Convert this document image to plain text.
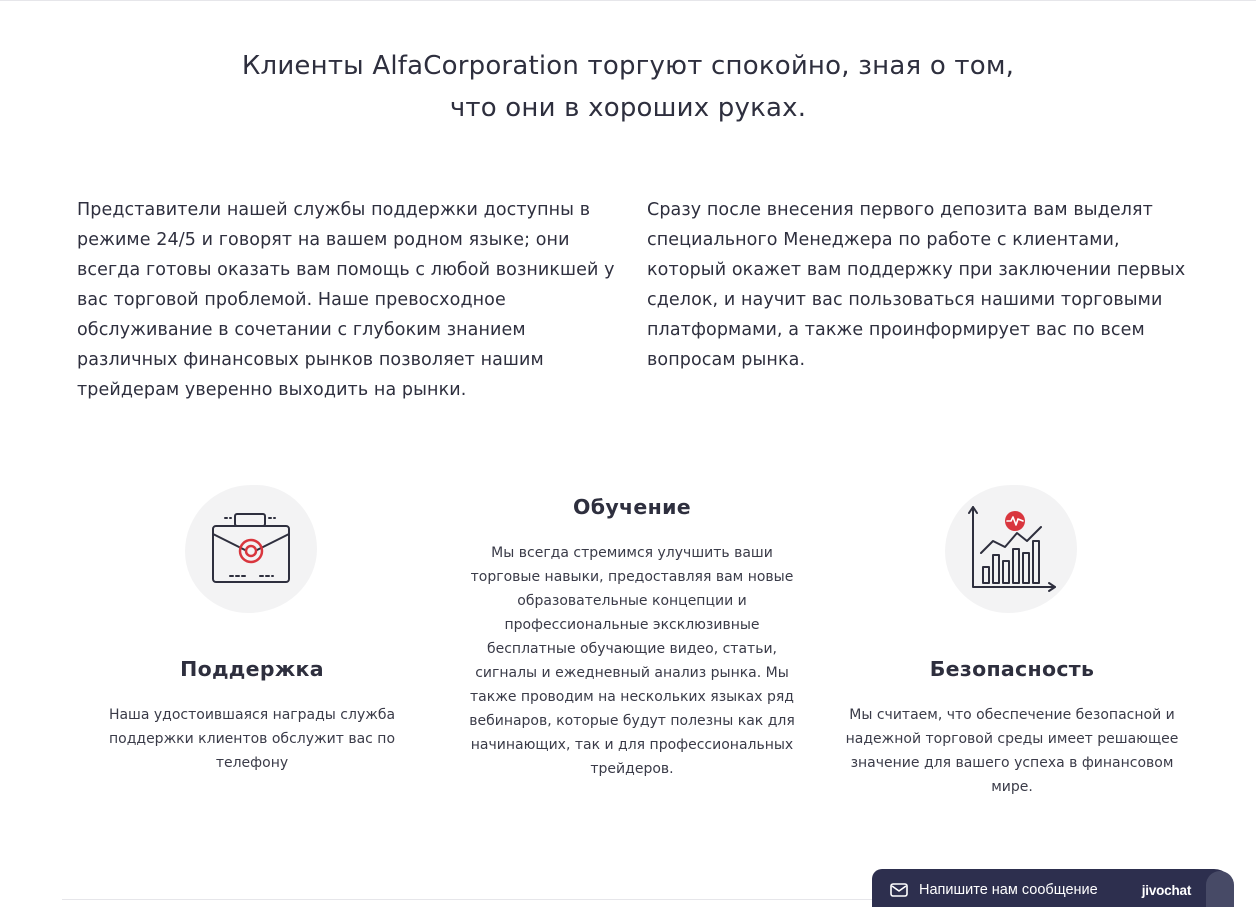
Клиенты AlfaCorporation торгуют спокойно, зная о том,
что они в хороших руках.

Представители нашей службы поддержки доступны в режиме 24/5 и говорят на вашем родном языке; они всегда готовы оказать вам помощь с любой возникшей у вас торговой проблемой. Наше превосходное обслуживание в сочетании с глубоким знанием различных финансовых рынков позволяет нашим трейдерам уверенно выходить на рынки.

Сразу после внесения первого депозита вам выделят специального Менеджера по работе с клиентами, который окажет вам поддержку при заключении первых сделок, и научит вас пользоваться нашими торговыми платформами, а также проинформирует вас по всем вопросам рынка.

Поддержка

Наша удостоившаяся награды служба поддержки клиентов обслужит вас по телефону

Обучение

Мы всегда стремимся улучшить ваши торговые навыки, предоставляя вам новые образовательные концепции и профессиональные эксклюзивные бесплатные обучающие видео, статьи, сигналы и ежедневный анализ рынка. Мы также проводим на нескольких языках ряд вебинаров, которые будут полезны как для начинающих, так и для профессиональных трейдеров.

Безопасность

Мы считаем, что обеспечение безопасной и надежной торговой среды имеет решающее значение для вашего успеха в финансовом мире.

Напишите нам сообщение	jivochat
